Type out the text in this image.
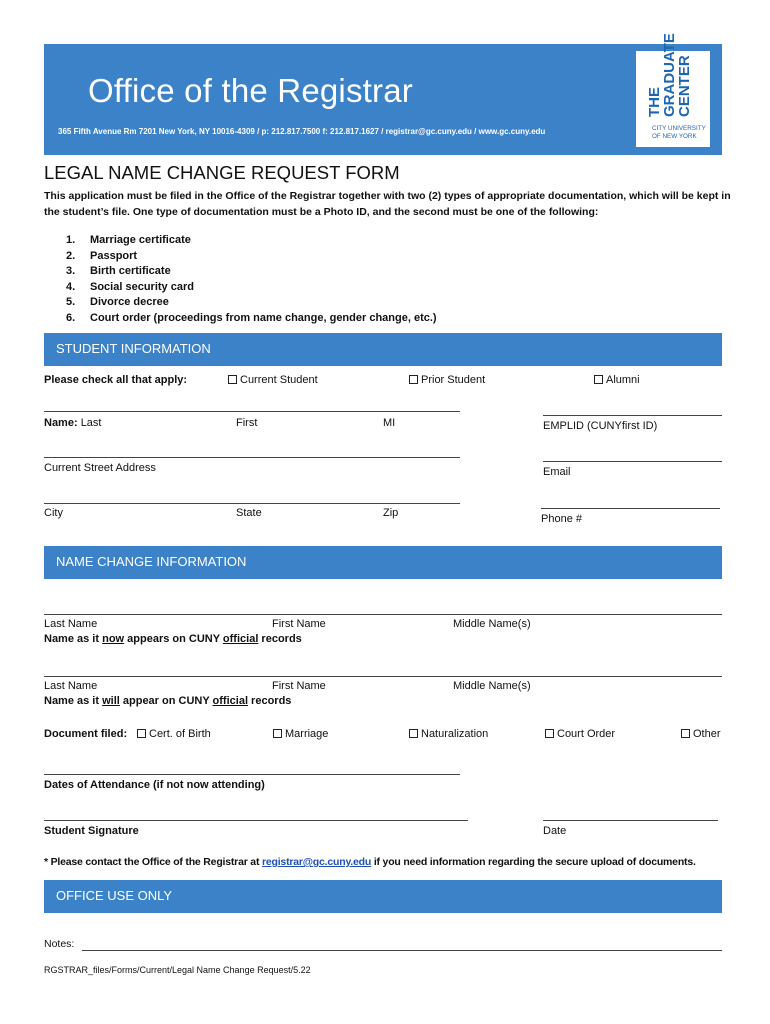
Office of the Registrar
365 Fifth Avenue Rm 7201 New York, NY 10016-4309 / p: 212.817.7500 f: 212.817.1627 / registrar@gc.cuny.edu / www.gc.cuny.edu
THE
GRADUATE
CENTER
CITY UNIVERSITY
OF NEW YORK
LEGAL NAME CHANGE REQUEST FORM
This application must be filed in the Office of the Registrar together with two (2) types of appropriate documentation, which will be kept in the student’s file. One type of documentation must be a Photo ID, and the second must be one of the following:
1. Marriage certificate
2. Passport
3. Birth certificate
4. Social security card
5. Divorce decree
6. Court order (proceedings from name change, gender change, etc.)
STUDENT INFORMATION
Please check all that apply:	Current Student	Prior Student	Alumni
Name: Last	First	MI	EMPLID (CUNYfirst ID)
Current Street Address	Email
City	State	Zip	Phone #
NAME CHANGE INFORMATION
Last Name	First Name	Middle Name(s)
Name as it now appears on CUNY official records
Last Name	First Name	Middle Name(s)
Name as it will appear on CUNY official records
Document filed:	Cert. of Birth	Marriage	Naturalization	Court Order	Other
Dates of Attendance (if not now attending)
Student Signature	Date
* Please contact the Office of the Registrar at registrar@gc.cuny.edu if you need information regarding the secure upload of documents.
OFFICE USE ONLY
Notes:
RGSTRAR_files/Forms/Current/Legal Name Change Request/5.22
